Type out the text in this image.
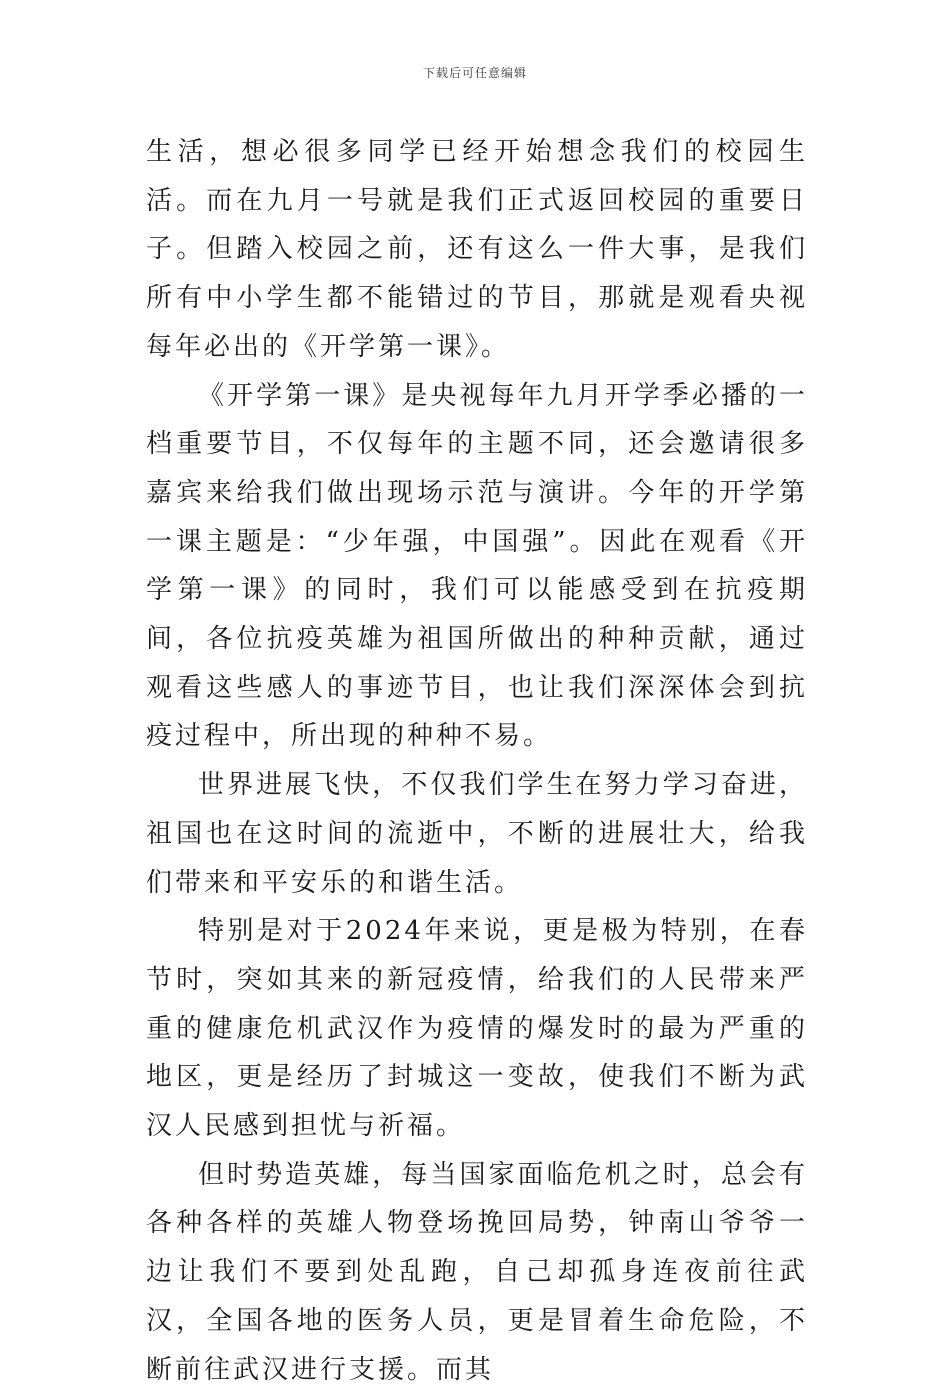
下载后可任意编辑

生活，想必很多同学已经开始想念我们的校园生活。而在九月一号就是我们正式返回校园的重要日子。但踏入校园之前，还有这么一件大事，是我们所有中小学生都不能错过的节目，那就是观看央视每年必出的《开学第一课》。

《开学第一课》是央视每年九月开学季必播的一档重要节目，不仅每年的主题不同，还会邀请很多嘉宾来给我们做出现场示范与演讲。今年的开学第一课主题是：“少年强，中国强”。因此在观看《开学第一课》的同时，我们可以能感受到在抗疫期间，各位抗疫英雄为祖国所做出的种种贡献，通过观看这些感人的事迹节目，也让我们深深体会到抗疫过程中，所出现的种种不易。

世界进展飞快，不仅我们学生在努力学习奋进，祖国也在这时间的流逝中，不断的进展壮大，给我们带来和平安乐的和谐生活。

特别是对于2024年来说，更是极为特别，在春节时，突如其来的新冠疫情，给我们的人民带来严重的健康危机武汉作为疫情的爆发时的最为严重的地区，更是经历了封城这一变故，使我们不断为武汉人民感到担忧与祈福。

但时势造英雄，每当国家面临危机之时，总会有各种各样的英雄人物登场挽回局势，钟南山爷爷一边让我们不要到处乱跑，自己却孤身连夜前往武汉，全国各地的医务人员，更是冒着生命危险，不断前往武汉进行支援。而其
